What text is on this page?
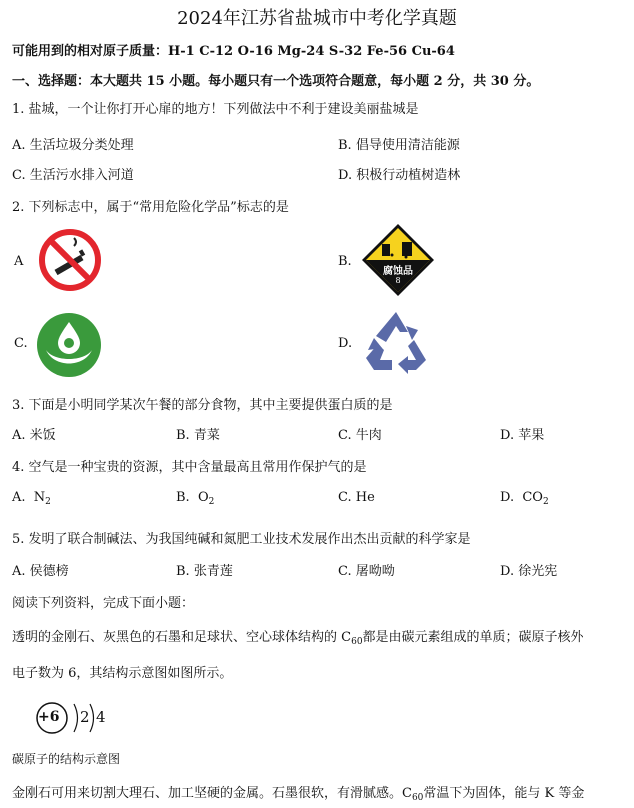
2024年江苏省盐城市中考化学真题
可能用到的相对原子质量：H-1 C-12 O-16 Mg-24 S-32 Fe-56 Cu-64
一、选择题：本大题共 15 小题。每小题只有一个选项符合题意，每小题 2 分，共 30 分。
1. 盐城，一个让你打开心扉的地方！下列做法中不利于建设美丽盐城是
A. 生活垃圾分类处理	B. 倡导使用清洁能源
C. 生活污水排入河道	D. 积极行动植树造林
2. 下列标志中，属于“常用危险化学品”标志的是
A	B.
腐蚀品
8
C.	D.
3. 下面是小明同学某次午餐的部分食物，其中主要提供蛋白质的是
A. 米饭	B. 青菜	C. 牛肉	D. 苹果
4. 空气是一种宝贵的资源，其中含量最高且常用作保护气的是
A. $N_2$	B. $O_2$	C. He	D. $CO_2$
5. 发明了联合制碱法、为我国纯碱和氮肥工业技术发展作出杰出贡献的科学家是
A. 侯德榜	B. 张青莲	C. 屠呦呦	D. 徐光宪
阅读下列资料，完成下面小题：
透明的金刚石、灰黑色的石墨和足球状、空心球体结构的 $C_{60}$都是由碳元素组成的单质；碳原子核外
电子数为 6，其结构示意图如图所示。
+6 2 4
碳原子的结构示意图
金刚石可用来切割大理石、加工坚硬的金属。石墨很软，有滑腻感。$C_{60}$常温下为固体，能与 K 等金
